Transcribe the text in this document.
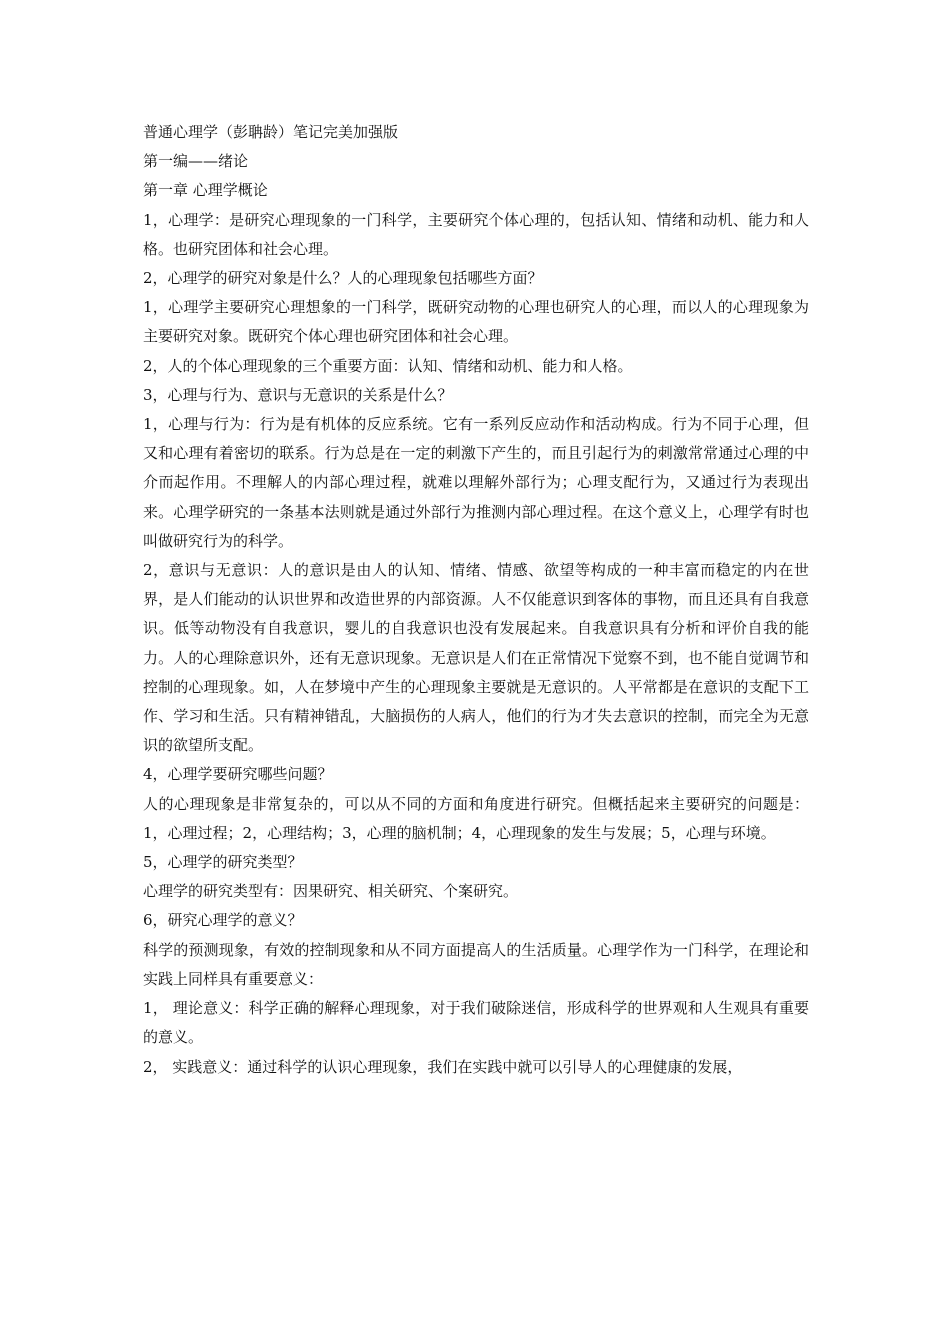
普通心理学（彭聃龄）笔记完美加强版

第一编——绪论

第一章 心理学概论

1，心理学：是研究心理现象的一门科学，主要研究个体心理的，包括认知、情绪和动机、能力和人格。也研究团体和社会心理。

2，心理学的研究对象是什么？人的心理现象包括哪些方面？

1，心理学主要研究心理想象的一门科学，既研究动物的心理也研究人的心理，而以人的心理现象为主要研究对象。既研究个体心理也研究团体和社会心理。

2，人的个体心理现象的三个重要方面：认知、情绪和动机、能力和人格。

3，心理与行为、意识与无意识的关系是什么？

1，心理与行为：行为是有机体的反应系统。它有一系列反应动作和活动构成。行为不同于心理，但又和心理有着密切的联系。行为总是在一定的刺激下产生的，而且引起行为的刺激常常通过心理的中介而起作用。不理解人的内部心理过程，就难以理解外部行为；心理支配行为，又通过行为表现出来。心理学研究的一条基本法则就是通过外部行为推测内部心理过程。在这个意义上，心理学有时也叫做研究行为的科学。

2，意识与无意识：人的意识是由人的认知、情绪、情感、欲望等构成的一种丰富而稳定的内在世界，是人们能动的认识世界和改造世界的内部资源。人不仅能意识到客体的事物，而且还具有自我意识。低等动物没有自我意识，婴儿的自我意识也没有发展起来。自我意识具有分析和评价自我的能力。人的心理除意识外，还有无意识现象。无意识是人们在正常情况下觉察不到，也不能自觉调节和控制的心理现象。如，人在梦境中产生的心理现象主要就是无意识的。人平常都是在意识的支配下工作、学习和生活。只有精神错乱，大脑损伤的人病人，他们的行为才失去意识的控制，而完全为无意识的欲望所支配。

4，心理学要研究哪些问题？

人的心理现象是非常复杂的，可以从不同的方面和角度进行研究。但概括起来主要研究的问题是：1，心理过程；2，心理结构；3，心理的脑机制；4，心理现象的发生与发展；5，心理与环境。

5，心理学的研究类型？

心理学的研究类型有：因果研究、相关研究、个案研究。

6，研究心理学的意义？

科学的预测现象，有效的控制现象和从不同方面提高人的生活质量。心理学作为一门科学，在理论和实践上同样具有重要意义：

1， 理论意义：科学正确的解释心理现象，对于我们破除迷信，形成科学的世界观和人生观具有重要的意义。

2， 实践意义：通过科学的认识心理现象，我们在实践中就可以引导人的心理健康的发展，
